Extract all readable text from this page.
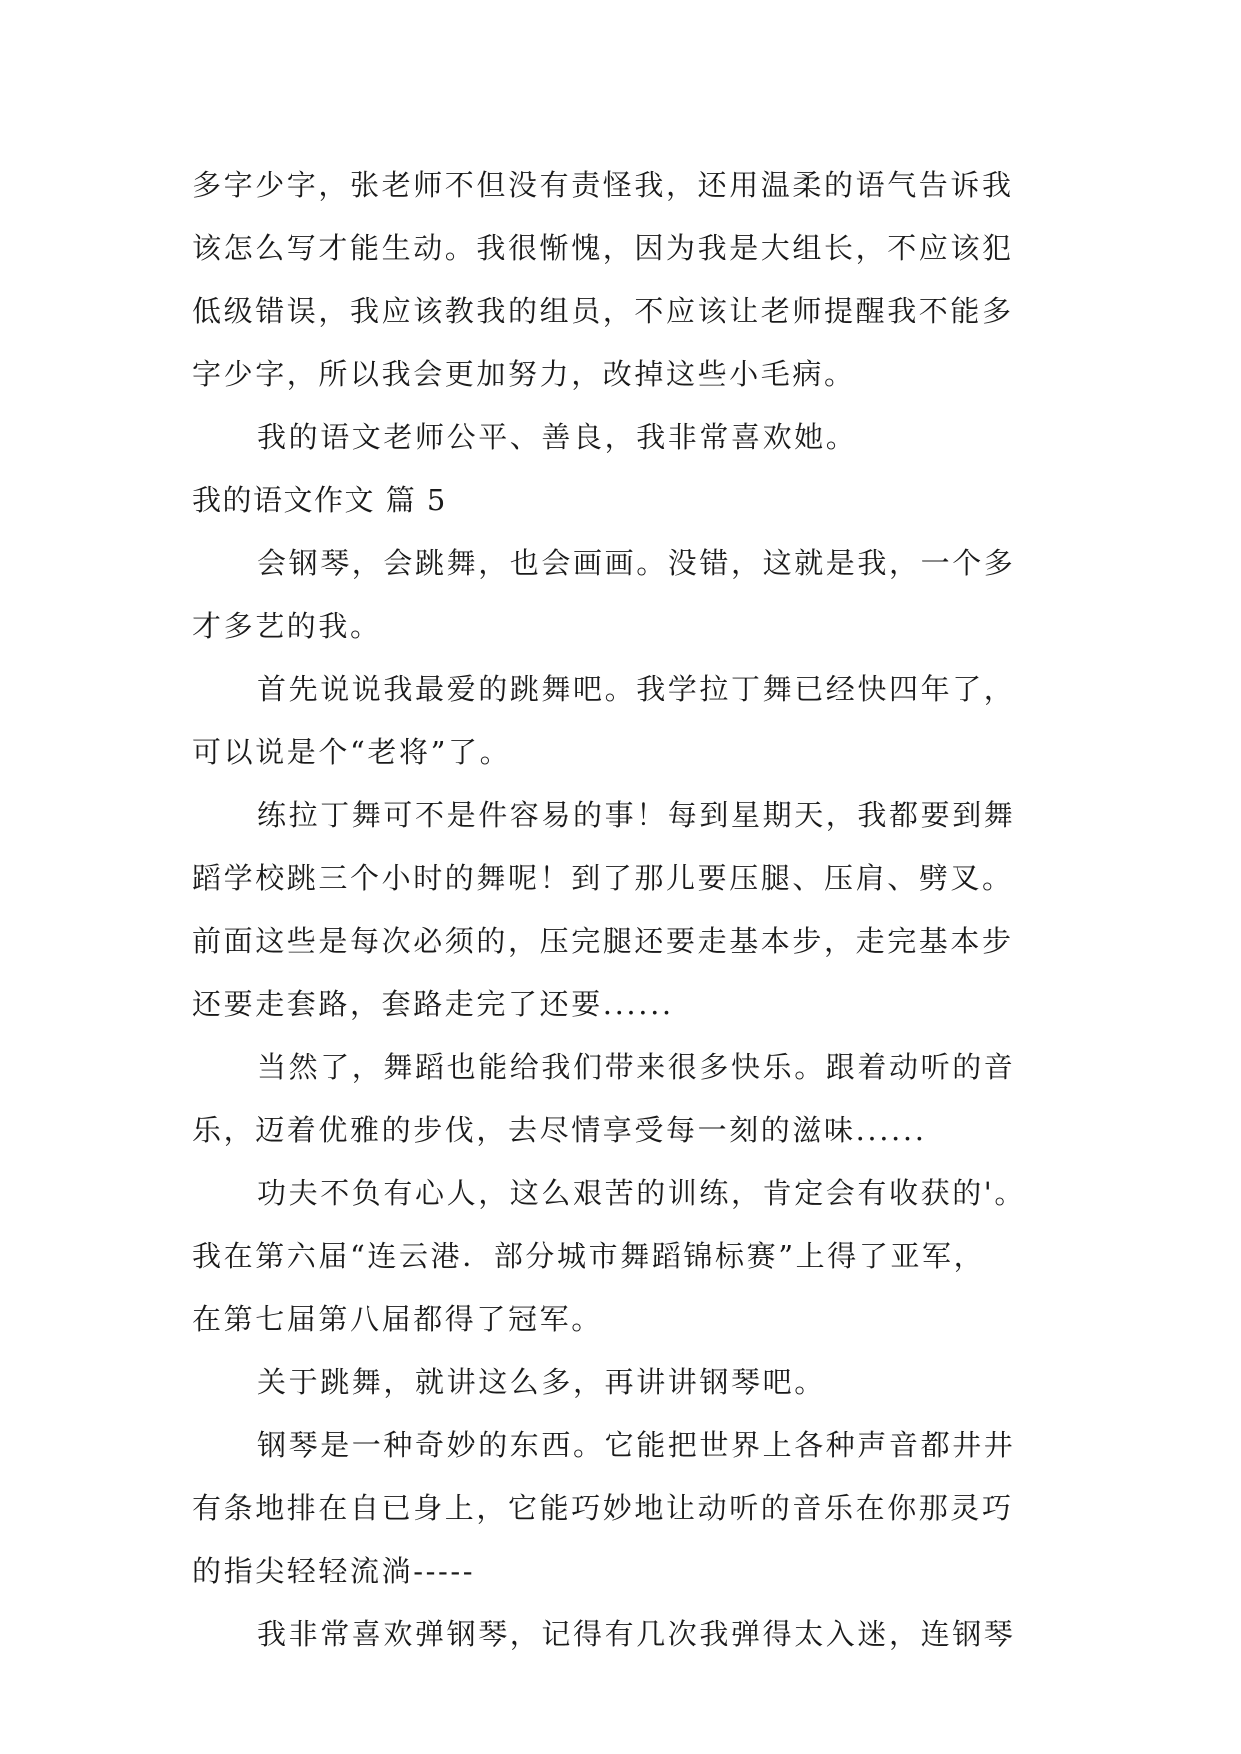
多字少字，张老师不但没有责怪我，还用温柔的语气告诉我
该怎么写才能生动。我很惭愧，因为我是大组长，不应该犯
低级错误，我应该教我的组员，不应该让老师提醒我不能多
字少字，所以我会更加努力，改掉这些小毛病。
我的语文老师公平、善良，我非常喜欢她。
我的语文作文 篇 5
会钢琴，会跳舞，也会画画。没错，这就是我，一个多
才多艺的我。
首先说说我最爱的跳舞吧。我学拉丁舞已经快四年了，
可以说是个“老将”了。
练拉丁舞可不是件容易的事！每到星期天，我都要到舞
蹈学校跳三个小时的舞呢！到了那儿要压腿、压肩、劈叉。
前面这些是每次必须的，压完腿还要走基本步，走完基本步
还要走套路，套路走完了还要......
当然了，舞蹈也能给我们带来很多快乐。跟着动听的音
乐，迈着优雅的步伐，去尽情享受每一刻的滋味......
功夫不负有心人，这么艰苦的训练，肯定会有收获的'。
我在第六届“连云港．部分城市舞蹈锦标赛”上得了亚军，
在第七届第八届都得了冠军。
关于跳舞，就讲这么多，再讲讲钢琴吧。
钢琴是一种奇妙的东西。它能把世界上各种声音都井井
有条地排在自已身上，它能巧妙地让动听的音乐在你那灵巧
的指尖轻轻流淌-----
我非常喜欢弹钢琴，记得有几次我弹得太入迷，连钢琴
